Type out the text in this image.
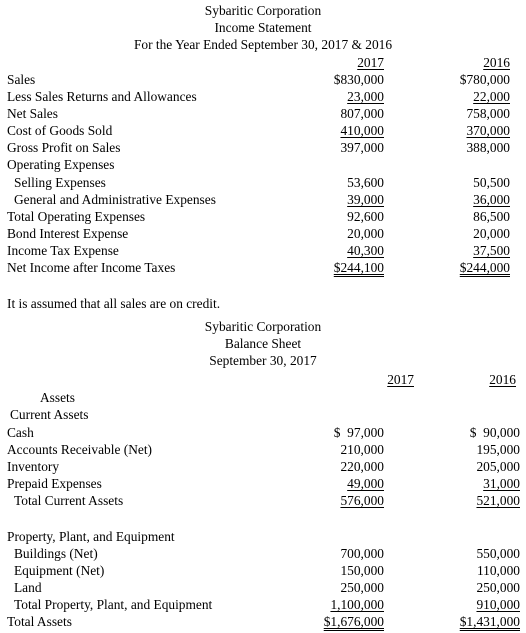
Sybaritic Corporation
Income Statement
For the Year Ended September 30, 2017 & 2016
2017	2016
Sales	$830,000	$780,000
Less Sales Returns and Allowances	23,000	22,000
Net Sales	807,000	758,000
Cost of Goods Sold	410,000	370,000
Gross Profit on Sales	397,000	388,000
Operating Expenses
Selling Expenses	53,600	50,500
General and Administrative Expenses	39,000	36,000
Total Operating Expenses	92,600	86,500
Bond Interest Expense	20,000	20,000
Income Tax Expense	40,300	37,500
Net Income after Income Taxes	$244,100	$244,000
It is assumed that all sales are on credit.
Sybaritic Corporation
Balance Sheet
September 30, 2017
2017	2016
Assets
Current Assets
Cash	$  97,000	$  90,000
Accounts Receivable (Net)	210,000	195,000
Inventory	220,000	205,000
Prepaid Expenses	49,000	31,000
Total Current Assets	576,000	521,000
Property, Plant, and Equipment
Buildings (Net)	700,000	550,000
Equipment (Net)	150,000	110,000
Land	250,000	250,000
Total Property, Plant, and Equipment	1,100,000	910,000
Total Assets	$1,676,000	$1,431,000
